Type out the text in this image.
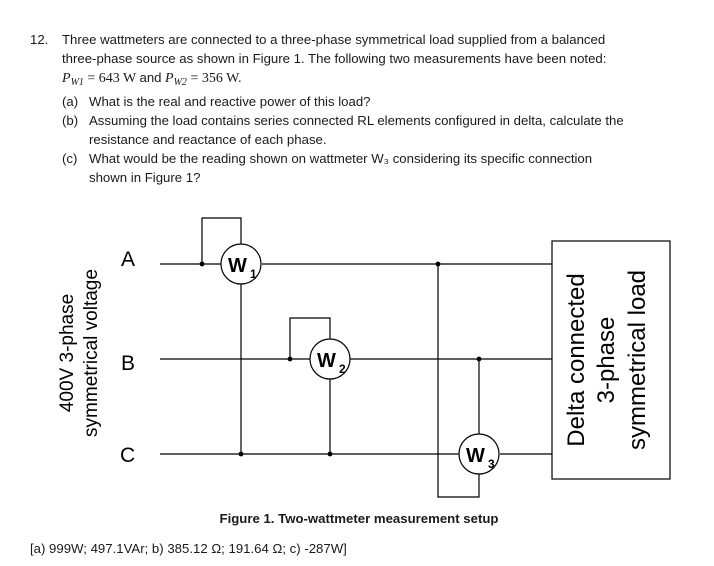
12. Three wattmeters are connected to a three-phase symmetrical load supplied from a balanced
three-phase source as shown in Figure 1. The following two measurements have been noted:
$P_{W1} = 643$ W and $P_{W2} = 356$ W.
(a) What is the real and reactive power of this load?
(b) Assuming the load contains series connected RL elements configured in delta, calculate the
resistance and reactance of each phase.
(c) What would be the reading shown on wattmeter W₃ considering its specific connection
shown in Figure 1?
W 1
W 2
W 3
A
B
C
400V 3-phase symmetrical voltage	Delta connected 3-phase symmetrical load
Figure 1. Two-wattmeter measurement setup
[a) 999W; 497.1VAr; b) 385.12 Ω; 191.64 Ω; c) -287W]
